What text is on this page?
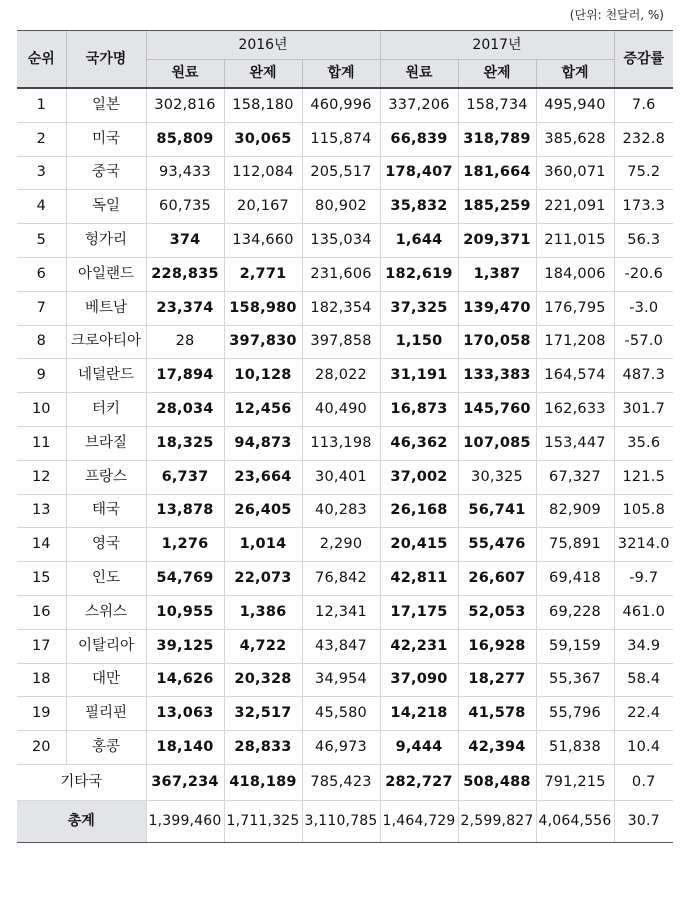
(단위: 천달러, %)
순위	국가명	2016년			2017년			증감률
		원료	완제	합계	원료	완제	합계	
1	일본	302,816	158,180	460,996	337,206	158,734	495,940	7.6
2	미국	85,809	30,065	115,874	66,839	318,789	385,628	232.8
3	중국	93,433	112,084	205,517	178,407	181,664	360,071	75.2
4	독일	60,735	20,167	80,902	35,832	185,259	221,091	173.3
5	헝가리	374	134,660	135,034	1,644	209,371	211,015	56.3
6	아일랜드	228,835	2,771	231,606	182,619	1,387	184,006	-20.6
7	베트남	23,374	158,980	182,354	37,325	139,470	176,795	-3.0
8	크로아티아	28	397,830	397,858	1,150	170,058	171,208	-57.0
9	네덜란드	17,894	10,128	28,022	31,191	133,383	164,574	487.3
10	터키	28,034	12,456	40,490	16,873	145,760	162,633	301.7
11	브라질	18,325	94,873	113,198	46,362	107,085	153,447	35.6
12	프랑스	6,737	23,664	30,401	37,002	30,325	67,327	121.5
13	태국	13,878	26,405	40,283	26,168	56,741	82,909	105.8
14	영국	1,276	1,014	2,290	20,415	55,476	75,891	3214.0
15	인도	54,769	22,073	76,842	42,811	26,607	69,418	-9.7
16	스위스	10,955	1,386	12,341	17,175	52,053	69,228	461.0
17	이탈리아	39,125	4,722	43,847	42,231	16,928	59,159	34.9
18	대만	14,626	20,328	34,954	37,090	18,277	55,367	58.4
19	필리핀	13,063	32,517	45,580	14,218	41,578	55,796	22.4
20	홍콩	18,140	28,833	46,973	9,444	42,394	51,838	10.4
기타국		367,234	418,189	785,423	282,727	508,488	791,215	0.7
총계		1,399,460	1,711,325	3,110,785	1,464,729	2,599,827	4,064,556	30.7
